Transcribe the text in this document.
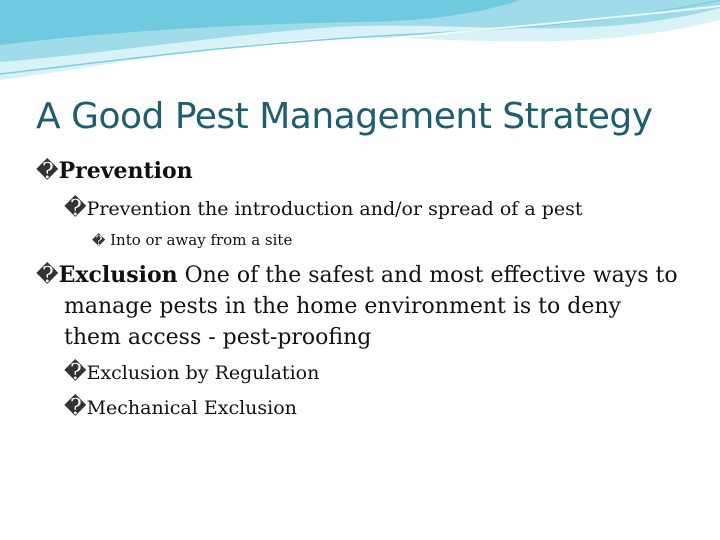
A Good Pest Management Strategy
�Prevention
�Prevention the introduction and/or spread of a pest
� Into or away from a site
�Exclusion One of the safest and most effective ways to manage pests in the home environment is to deny them access - pest-proofing
�Exclusion by Regulation
�Mechanical Exclusion
